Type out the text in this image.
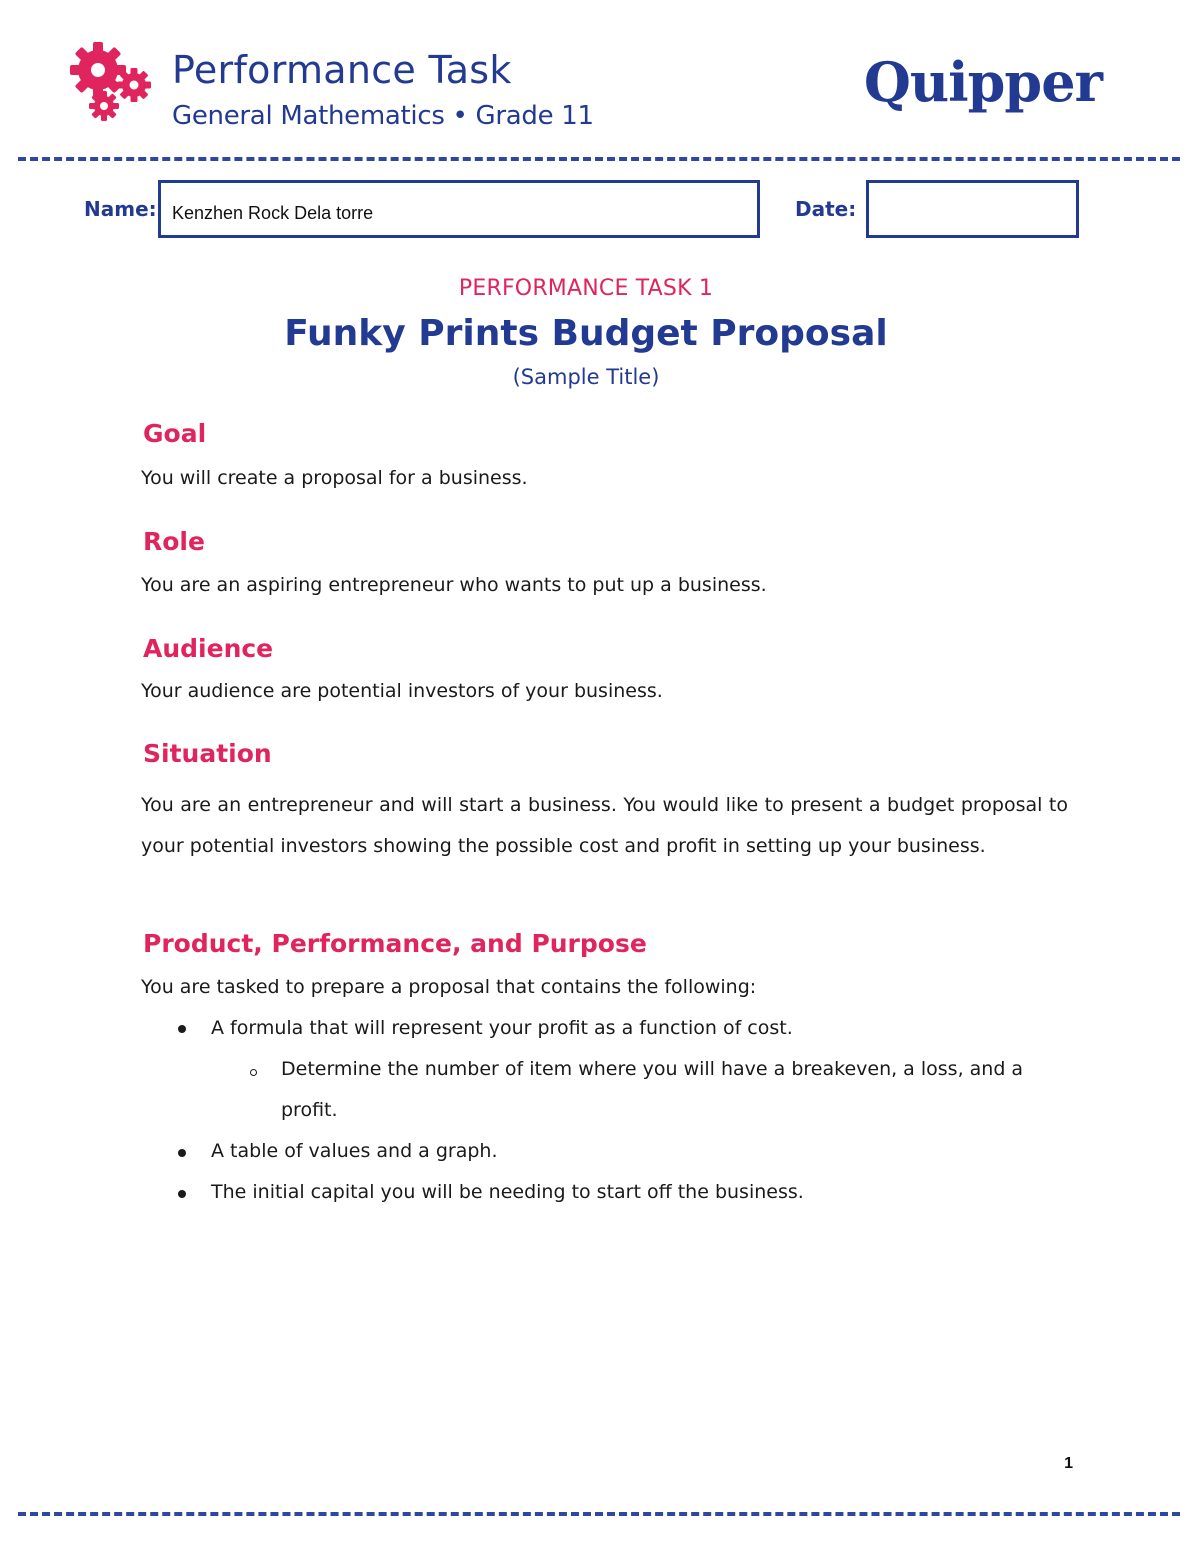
Performance Task
General Mathematics • Grade 11
Quipper
Name: Kenzhen Rock Dela torre	Date:
PERFORMANCE TASK 1
Funky Prints Budget Proposal
(Sample Title)
Goal
You will create a proposal for a business.
Role
You are an aspiring entrepreneur who wants to put up a business.
Audience
Your audience are potential investors of your business.
Situation
You are an entrepreneur and will start a business. You would like to present a budget proposal to your potential investors showing the possible cost and profit in setting up your business.
Product, Performance, and Purpose
You are tasked to prepare a proposal that contains the following:
A formula that will represent your profit as a function of cost.
Determine the number of item where you will have a breakeven, a loss, and a
profit.
A table of values and a graph.
The initial capital you will be needing to start off the business.
1
